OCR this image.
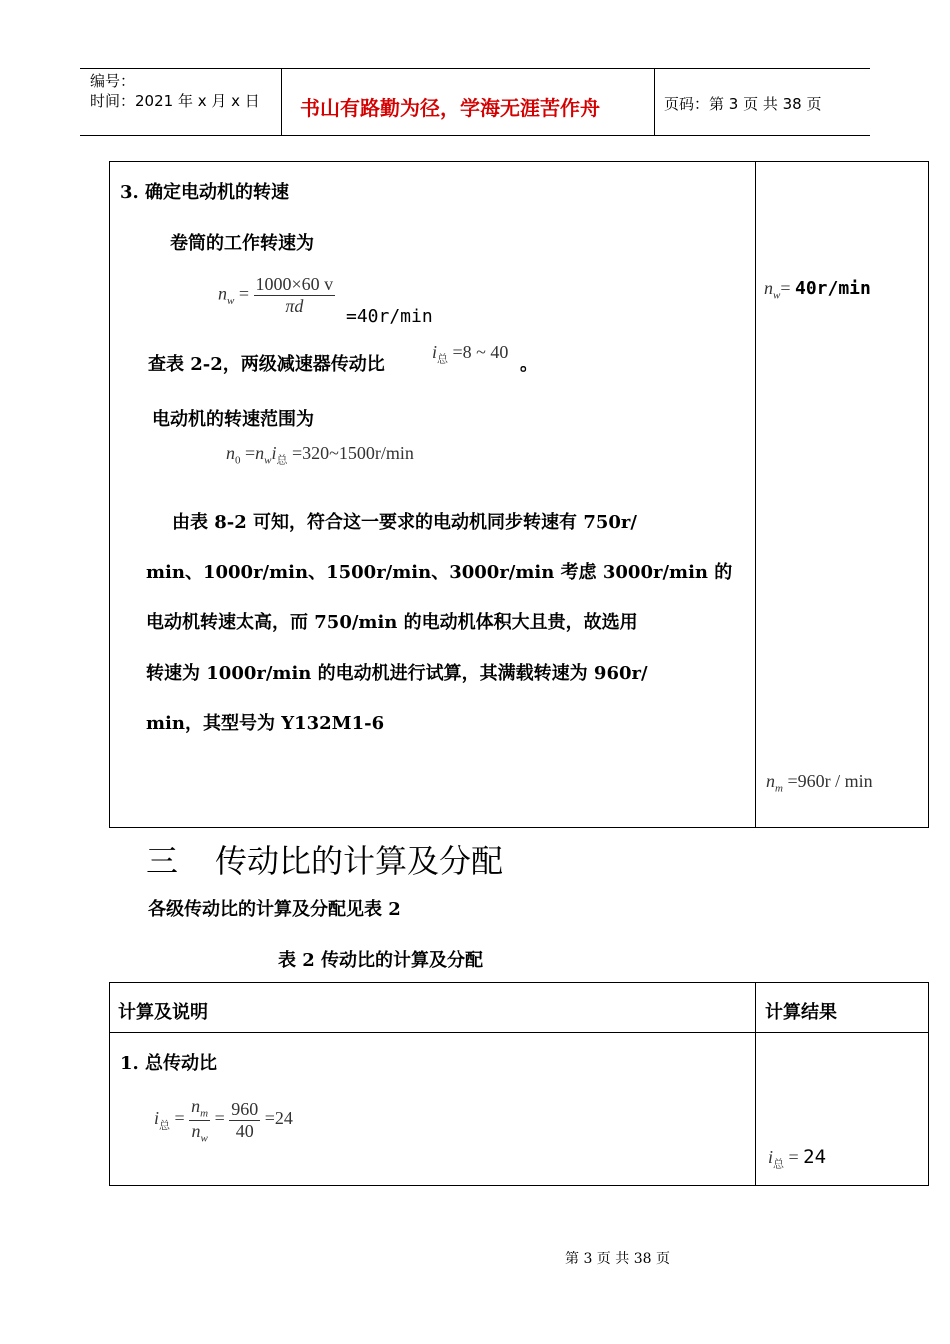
编号：
时间：2021 年 x 月 x 日 书山有路勤为径，学海无涯苦作舟	页码：第 3 页 共 38 页
3. 确定电动机的转速
卷筒的工作转速为
$n_w = \frac{1000\times 60 v}{\pi d} =40r/\min$
查表 2-2，两级减速器传动比
$i_总 =8$ ~ 40
。
电动机的转速范围为
$n_0 =n_wi_总$ =320~1500r/min
由表 8-2 可知，符合这一要求的电动机同步转速有 750r/
min、1000r/min、1500r/min、3000r/min 考虑 3000r/min 的
电动机转速太高，而 750/min 的电动机体积大且贵，故选用
转速为 1000r/min 的电动机进行试算，其满载转速为 960r/
min，其型号为 Y132M1-6
$n_w= 40r/\min$
$n_m =960r / \min$
三 传动比的计算及分配
各级传动比的计算及分配见表 2
表 2 传动比的计算及分配
计算及说明	计算结果
1. 总传动比
$i_总 = \frac{n_m}{n_w} = \frac{960}{40} =24$
$i_总 = 24$
第 3 页 共 38 页
